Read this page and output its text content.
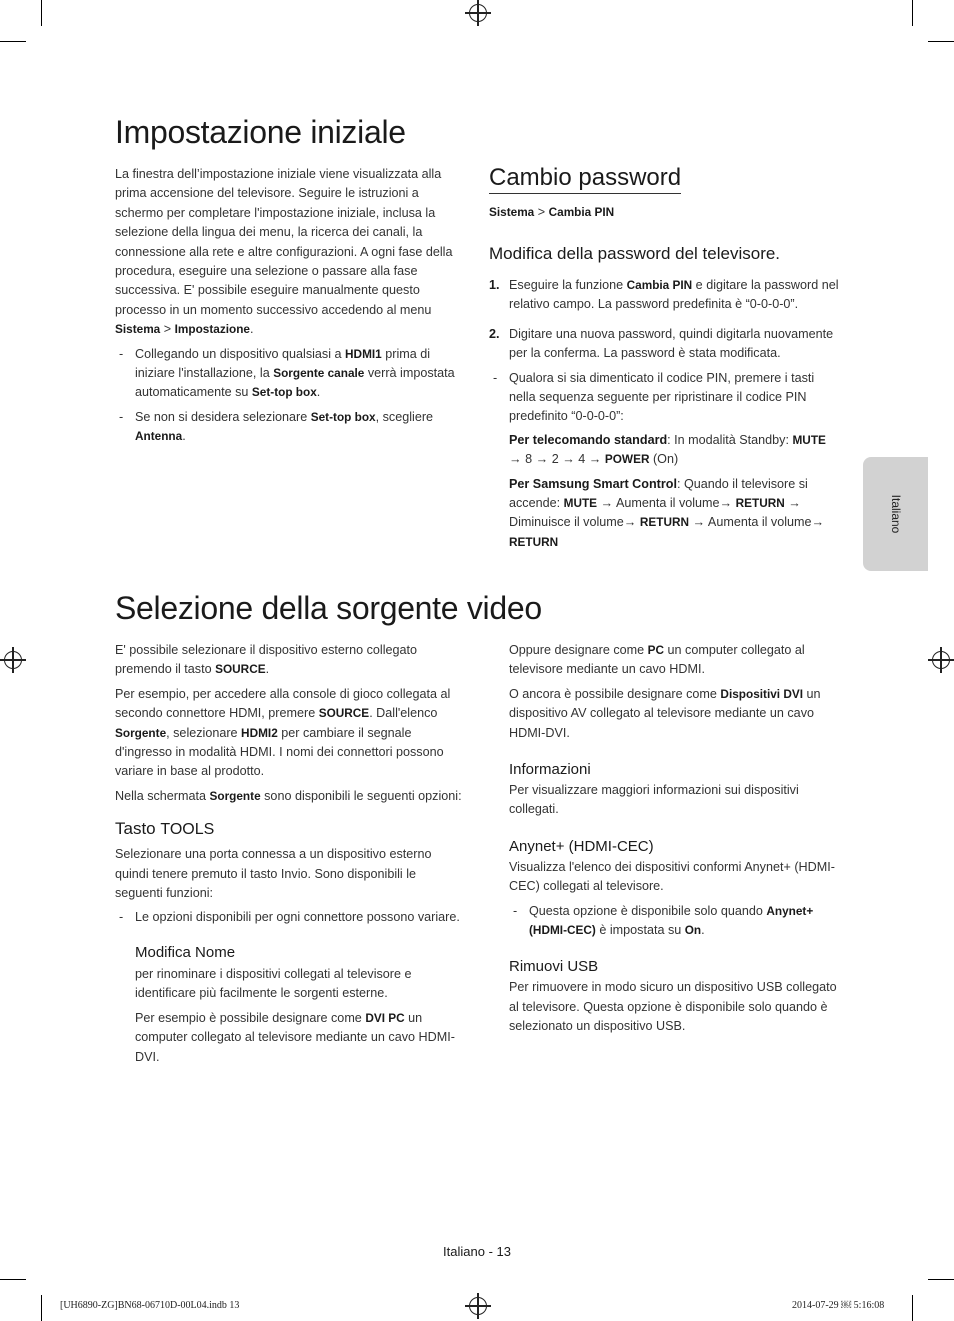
Impostazione iniziale

La finestra dell’impostazione iniziale viene visualizzata alla prima accensione del televisore. Seguire le istruzioni a schermo per completare l'impostazione iniziale, inclusa la selezione della lingua dei menu, la ricerca dei canali, la connessione alla rete e altre configurazioni. A ogni fase della procedura, eseguire una selezione o passare alla fase successiva. E' possibile eseguire manualmente questo processo in un momento successivo accedendo al menu Sistema > Impostazione.

- Collegando un dispositivo qualsiasi a HDMI1 prima di iniziare l'installazione, la Sorgente canale verrà impostata automaticamente su Set-top box.

- Se non si desidera selezionare Set-top box, scegliere Antenna.

Cambio password
Sistema > Cambia PIN
Modifica della password del televisore.

1. Eseguire la funzione Cambia PIN e digitare la password nel relativo campo. La password predefinita è “0-0-0-0”.

2. Digitare una nuova password, quindi digitarla nuovamente per la conferma. La password è stata modificata.

- Qualora si sia dimenticato il codice PIN, premere i tasti nella sequenza seguente per ripristinare il codice PIN predefinito “0-0-0-0”:

Per telecomando standard: In modalità Standby: MUTE → 8 → 2 → 4 → POWER (On)

Per Samsung Smart Control: Quando il televisore si accende: MUTE → Aumenta il volume→ RETURN → Diminuisce il volume→ RETURN → Aumenta il volume→ RETURN

Italiano
Selezione della sorgente video

E' possibile selezionare il dispositivo esterno collegato premendo il tasto SOURCE.

Per esempio, per accedere alla console di gioco collegata al secondo connettore HDMI, premere SOURCE. Dall'elenco Sorgente, selezionare HDMI2 per cambiare il segnale d'ingresso in modalità HDMI. I nomi dei connettori possono variare in base al prodotto.

Nella schermata Sorgente sono disponibili le seguenti opzioni:

Tasto TOOLS

Selezionare una porta connessa a un dispositivo esterno quindi tenere premuto il tasto Invio. Sono disponibili le seguenti funzioni:

- Le opzioni disponibili per ogni connettore possono variare.

Modifica Nome

per rinominare i dispositivi collegati al televisore e identificare più facilmente le sorgenti esterne.

Per esempio è possibile designare come DVI PC un computer collegato al televisore mediante un cavo HDMI-DVI.

Oppure designare come PC un computer collegato al televisore mediante un cavo HDMI.

O ancora è possibile designare come Dispositivi DVI un dispositivo AV collegato al televisore mediante un cavo HDMI-DVI.

Informazioni

Per visualizzare maggiori informazioni sui dispositivi collegati.

Anynet+ (HDMI-CEC)

Visualizza l'elenco dei dispositivi conformi Anynet+ (HDMI-CEC) collegati al televisore.

- Questa opzione è disponibile solo quando Anynet+ (HDMI-CEC) è impostata su On.

Rimuovi USB

Per rimuovere in modo sicuro un dispositivo USB collegato al televisore. Questa opzione è disponibile solo quando è selezionato un dispositivo USB.

Italiano - 13
[UH6890-ZG]BN68-06710D-00L04.indb 13	2014-07-29 ￼ 5:16:08
